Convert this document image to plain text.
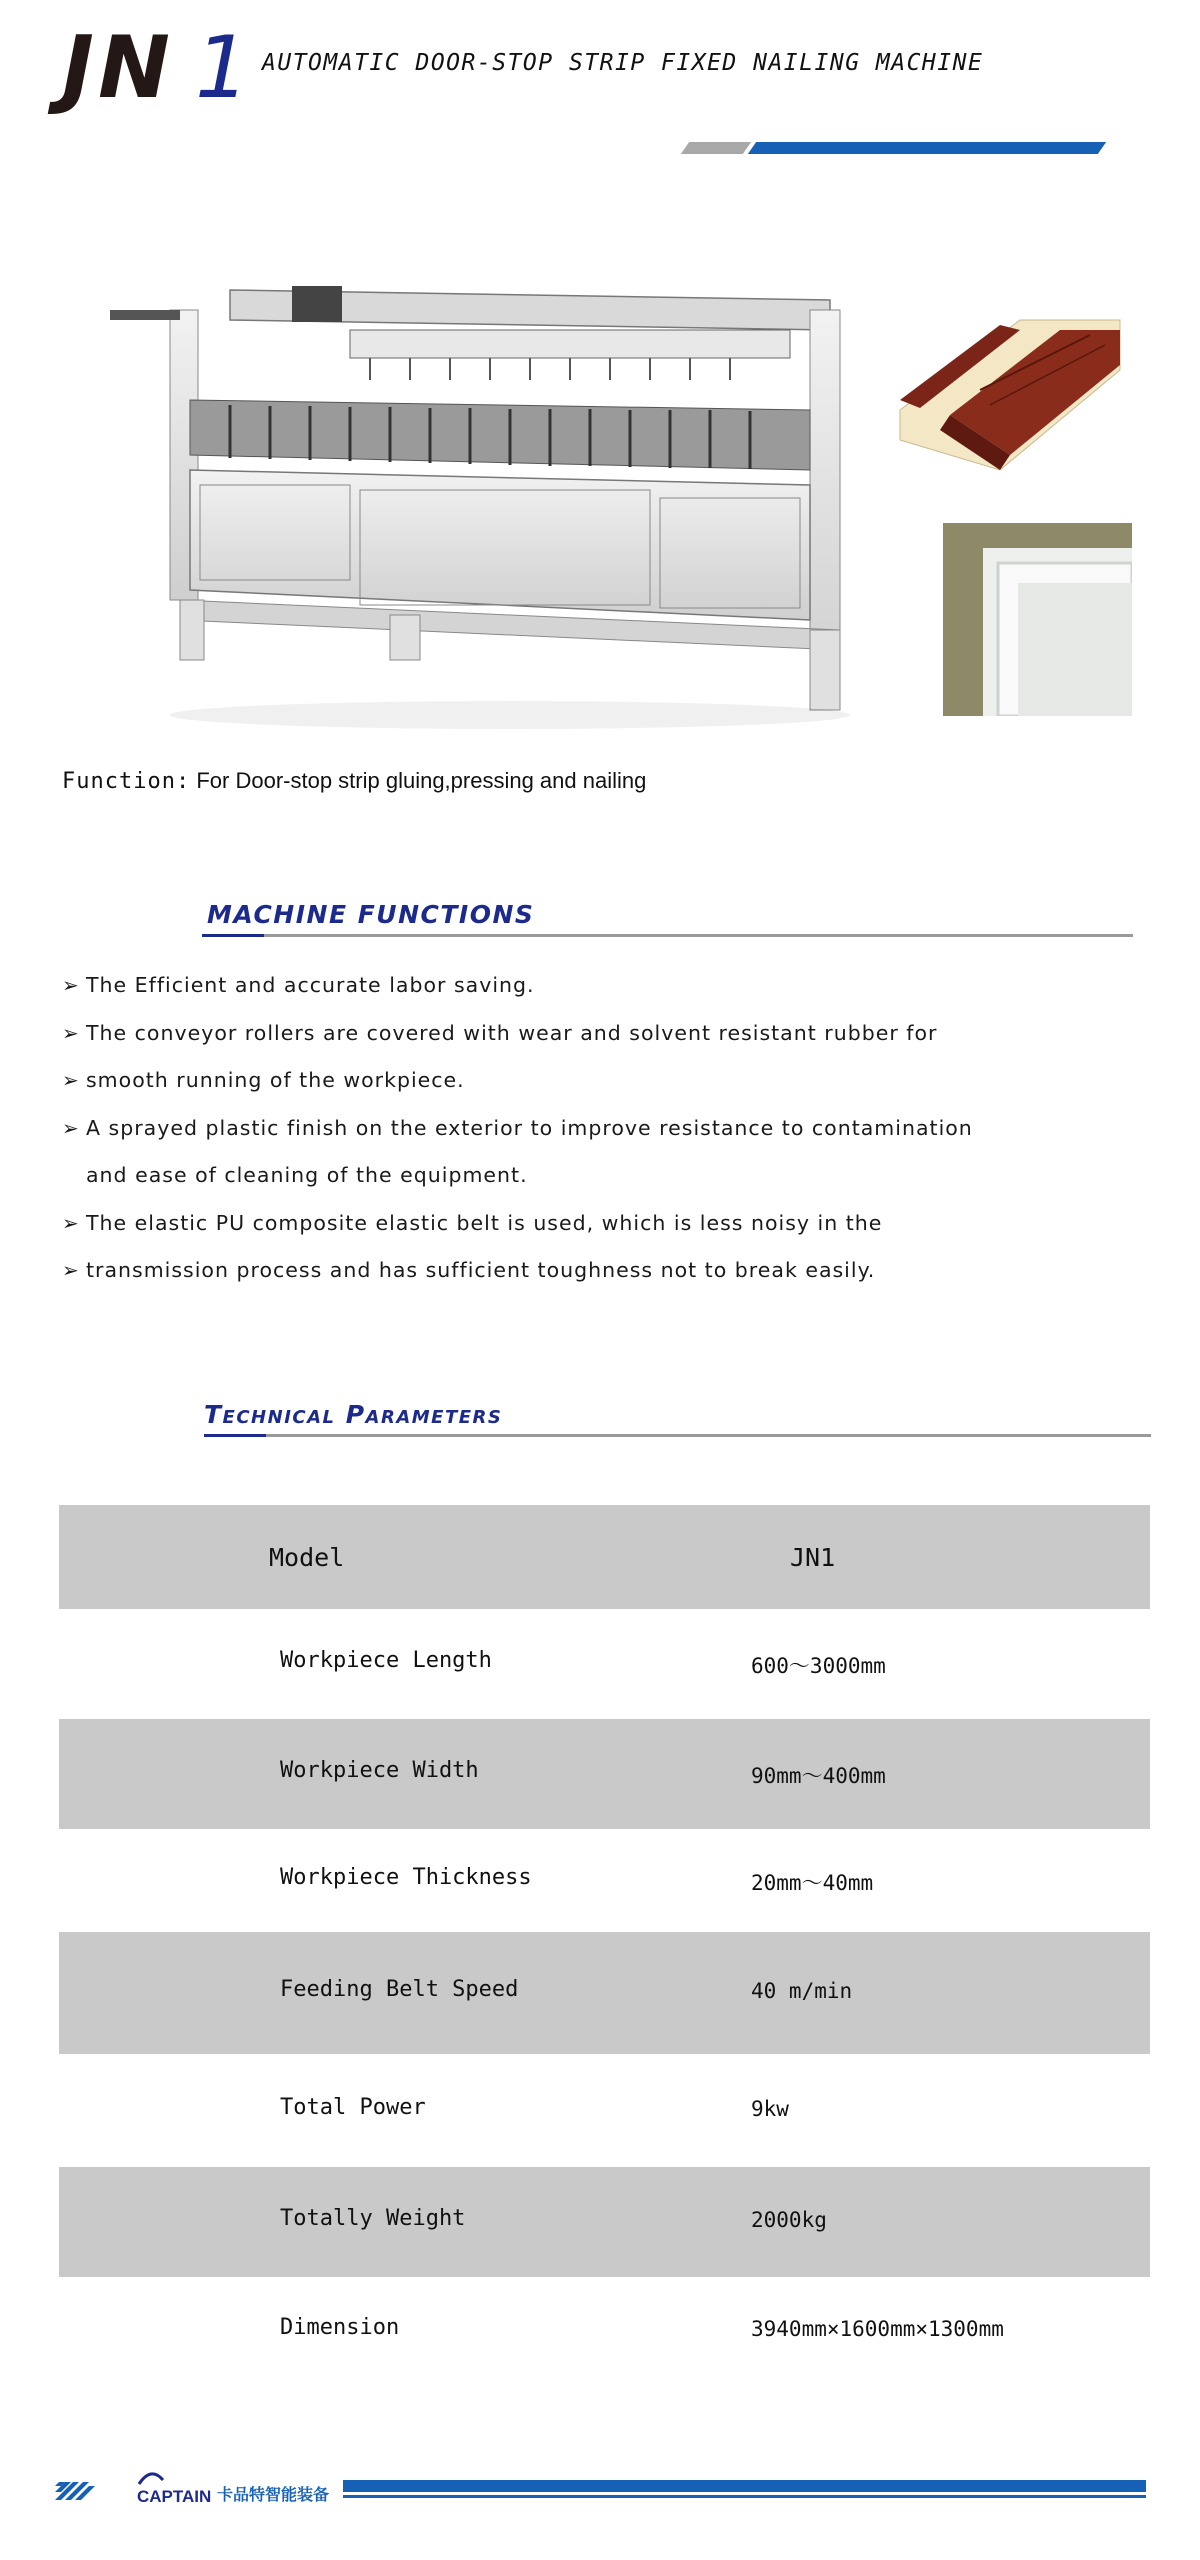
JN 1 AUTOMATIC DOOR-STOP STRIP FIXED NAILING MACHINE
Function: For Door-stop strip gluing,pressing and nailing
MACHINE FUNCTIONS
➢ The Efficient and accurate labor saving.
➢ The conveyor rollers are covered with wear and solvent resistant rubber for
➢ smooth running of the workpiece.
➢ A sprayed plastic finish on the exterior to improve resistance to contamination
and ease of cleaning of the equipment.
➢ The elastic PU composite elastic belt is used, which is less noisy in the
➢ transmission process and has sufficient toughness not to break easily.
Technical Parameters
Model	JN1
Workpiece Length	600～3000mm
Workpiece Width	90mm～400mm
Workpiece Thickness	20mm～40mm
Feeding Belt Speed	40 m/min
Total Power	9kw
Totally Weight	2000kg
Dimension	3940mm×1600mm×1300mm
CAPTAIN 卡品特智能装备
